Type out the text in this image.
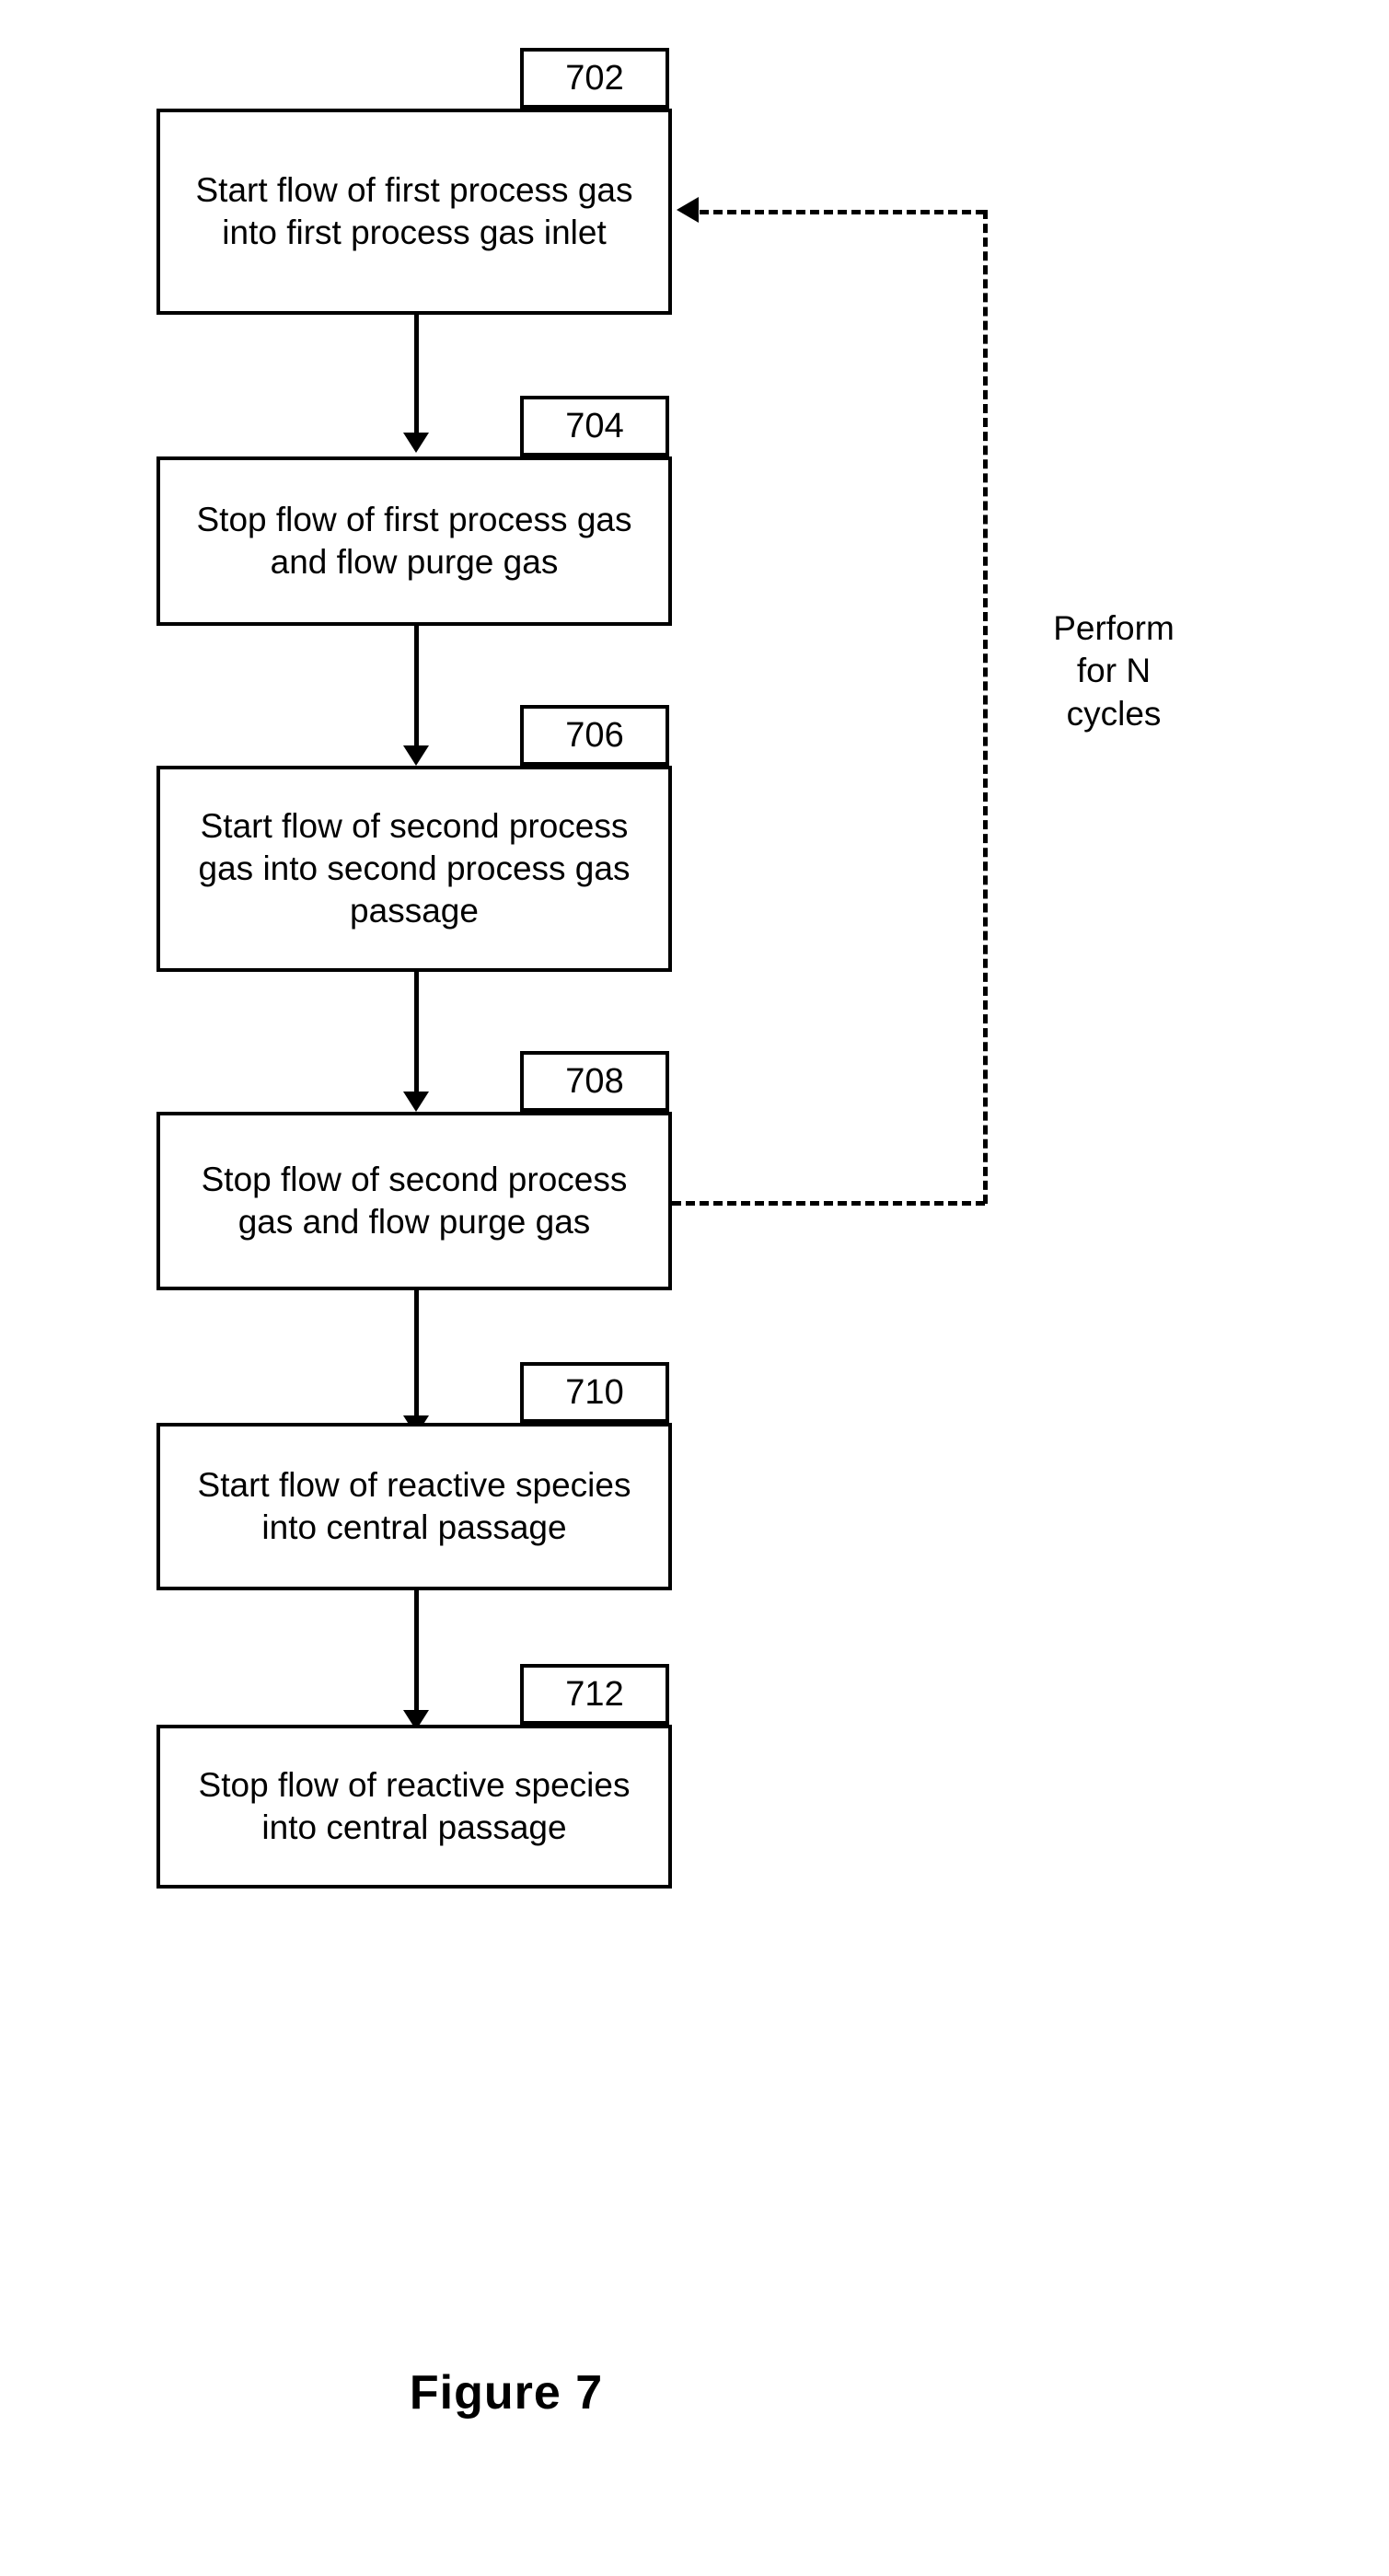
702
Start flow of first process gas into first process gas inlet
704
Stop flow of first process gas and flow purge gas
706
Start flow of second process gas into second process gas passage
708
Stop flow of second process gas and flow purge gas
710
Start flow of reactive species into central passage
712
Stop flow of reactive species into central passage
Perform
for N
cycles
Figure 7
